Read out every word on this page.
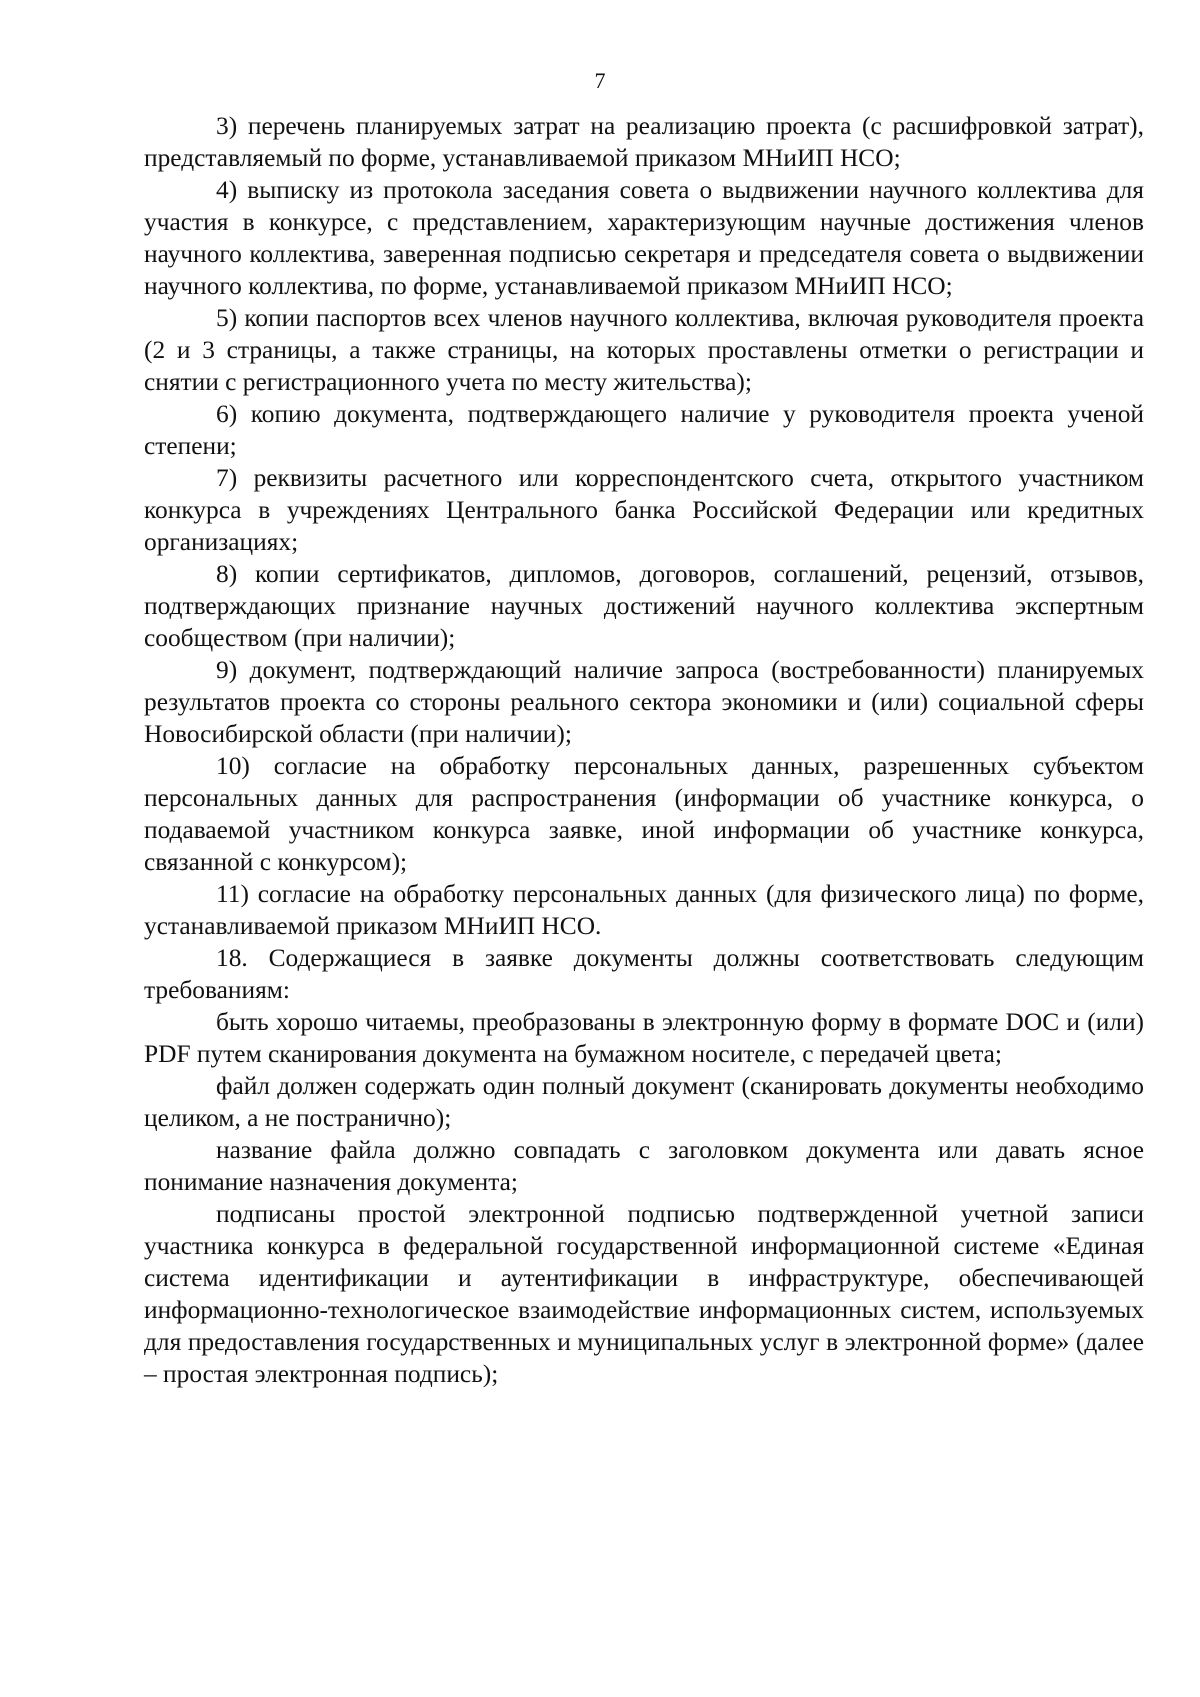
7

3) перечень планируемых затрат на реализацию проекта (с расшифровкой затрат), представляемый по форме, устанавливаемой приказом МНиИП НСО;

4) выписку из протокола заседания совета о выдвижении научного коллектива для участия в конкурсе, с представлением, характеризующим научные достижения членов научного коллектива, заверенная подписью секретаря и председателя совета о выдвижении научного коллектива, по форме, устанавливаемой приказом МНиИП НСО;

5) копии паспортов всех членов научного коллектива, включая руководителя проекта (2 и 3 страницы, а также страницы, на которых проставлены отметки о регистрации и снятии с регистрационного учета по месту жительства);

6) копию документа, подтверждающего наличие у руководителя проекта ученой степени;

7) реквизиты расчетного или корреспондентского счета, открытого участником конкурса в учреждениях Центрального банка Российской Федерации или кредитных организациях;

8) копии сертификатов, дипломов, договоров, соглашений, рецензий, отзывов, подтверждающих признание научных достижений научного коллектива экспертным сообществом (при наличии);

9) документ, подтверждающий наличие запроса (востребованности) планируемых результатов проекта со стороны реального сектора экономики и (или) социальной сферы Новосибирской области (при наличии);

10) согласие на обработку персональных данных, разрешенных субъектом персональных данных для распространения (информации об участнике конкурса, о подаваемой участником конкурса заявке, иной информации об участнике конкурса, связанной с конкурсом);

11) согласие на обработку персональных данных (для физического лица) по форме, устанавливаемой приказом МНиИП НСО.

18. Содержащиеся в заявке документы должны соответствовать следующим требованиям:

быть хорошо читаемы, преобразованы в электронную форму в формате DOC и (или) PDF путем сканирования документа на бумажном носителе, с передачей цвета;

файл должен содержать один полный документ (сканировать документы необходимо целиком, а не постранично);

название файла должно совпадать с заголовком документа или давать ясное понимание назначения документа;

подписаны простой электронной подписью подтвержденной учетной записи участника конкурса в федеральной государственной информационной системе «Единая система идентификации и аутентификации в инфраструктуре, обеспечивающей информационно-технологическое взаимодействие информационных систем, используемых для предоставления государственных и муниципальных услуг в электронной форме» (далее – простая электронная подпись);
